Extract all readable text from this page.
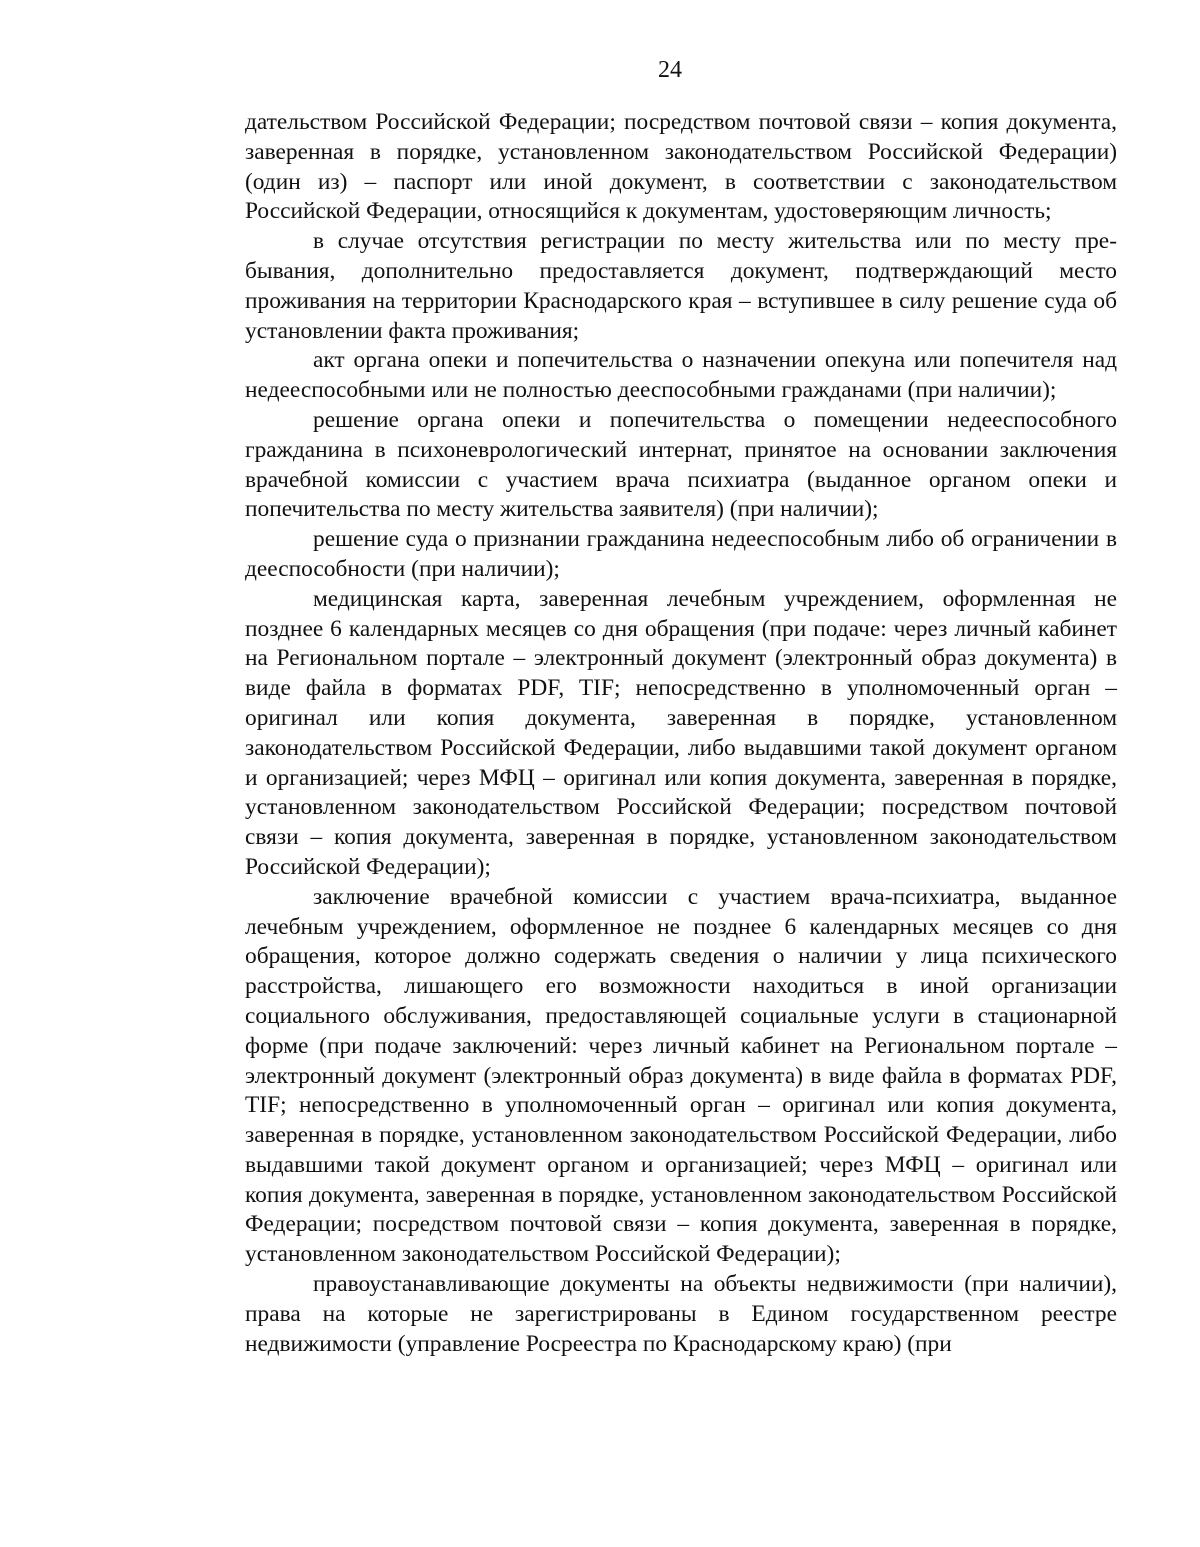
24

дательством Российской Федерации; посредством почтовой связи – копия документа, заверенная в порядке, установленном законодательством Российской Федерации) (один из) – паспорт или иной документ, в соответствии с законодательством Российской Федерации, относящийся к документам, удостоверяющим личность;

в случае отсутствия регистрации по месту жительства или по месту пребывания, дополнительно предоставляется документ, подтверждающий место проживания на территории Краснодарского края – вступившее в силу решение суда об установлении факта проживания;

акт органа опеки и попечительства о назначении опекуна или попечителя над недееспособными или не полностью дееспособными гражданами (при наличии);

решение органа опеки и попечительства о помещении недееспособного гражданина в психоневрологический интернат, принятое на основании заключения врачебной комиссии с участием врача психиатра (выданное органом опеки и попечительства по месту жительства заявителя) (при наличии);

решение суда о признании гражданина недееспособным либо об ограничении в дееспособности (при наличии);

медицинская карта, заверенная лечебным учреждением, оформленная не позднее 6 календарных месяцев со дня обращения (при подаче: через личный кабинет на Региональном портале – электронный документ (электронный образ документа) в виде файла в форматах PDF, TIF; непосредственно в уполномоченный орган – оригинал или копия документа, заверенная в порядке, установленном законодательством Российской Федерации, либо выдавшими такой документ органом и организацией; через МФЦ – оригинал или копия документа, заверенная в порядке, установленном законодательством Российской Федерации; посредством почтовой связи – копия документа, заверенная в порядке, установленном законодательством Российской Федерации);

заключение врачебной комиссии с участием врача-психиатра, выданное лечебным учреждением, оформленное не позднее 6 календарных месяцев со дня обращения, которое должно содержать сведения о наличии у лица психического расстройства, лишающего его возможности находиться в иной организации социального обслуживания, предоставляющей социальные услуги в стационарной форме (при подаче заключений: через личный кабинет на Региональном портале – электронный документ (электронный образ документа) в виде файла в форматах PDF, TIF; непосредственно в уполномоченный орган – оригинал или копия документа, заверенная в порядке, установленном законодательством Российской Федерации, либо выдавшими такой документ органом и организацией; через МФЦ – оригинал или копия документа, заверенная в порядке, установленном законодательством Российской Федерации; посредством почтовой связи – копия документа, заверенная в порядке, установленном законодательством Российской Федерации);

правоустанавливающие документы на объекты недвижимости (при наличии), права на которые не зарегистрированы в Едином государственном реестре недвижимости (управление Росреестра по Краснодарскому краю) (при
